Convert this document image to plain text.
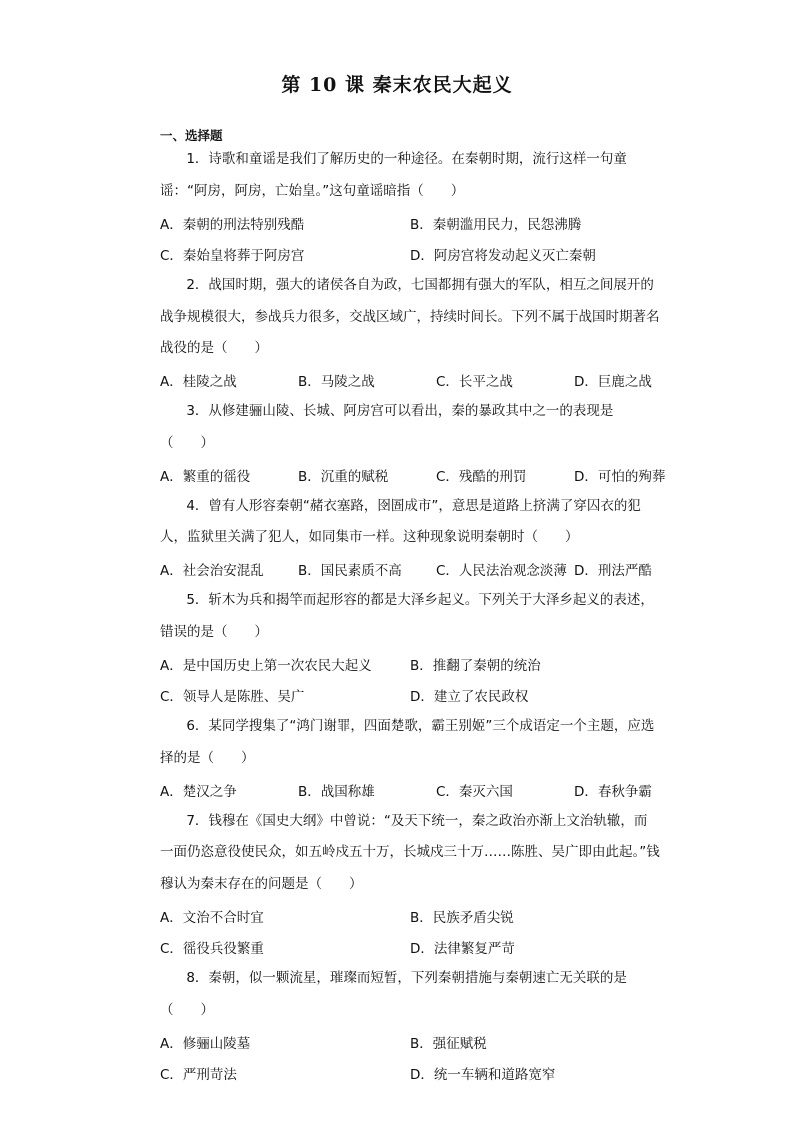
第 10 课 秦末农民大起义
一、选择题

1．诗歌和童谣是我们了解历史的一种途径。在秦朝时期，流行这样一句童谣：“阿房，阿房，亡始皇。”这句童谣暗指（　　）

A．秦朝的刑法特别残酷	B．秦朝滥用民力，民怨沸腾
C．秦始皇将葬于阿房宫	D．阿房宫将发动起义灭亡秦朝

2．战国时期，强大的诸侯各自为政，七国都拥有强大的军队，相互之间展开的战争规模很大，参战兵力很多，交战区域广，持续时间长。下列不属于战国时期著名战役的是（　　）

A．桂陵之战	B．马陵之战	C．长平之战	D．巨鹿之战

3．从修建骊山陵、长城、阿房宫可以看出，秦的暴政其中之一的表现是（　　）

A．繁重的徭役	B．沉重的赋税	C．残酷的刑罚	D．可怕的殉葬

4．曾有人形容秦朝“赭衣塞路，囹圄成市”，意思是道路上挤满了穿囚衣的犯人，监狱里关满了犯人，如同集市一样。这种现象说明秦朝时（　　）

A．社会治安混乱	B．国民素质不高	C．人民法治观念淡薄 D．刑法严酷

5．斩木为兵和揭竿而起形容的都是大泽乡起义。下列关于大泽乡起义的表述，错误的是（　　）

A．是中国历史上第一次农民大起义	B．推翻了秦朝的统治
C．领导人是陈胜、吴广	D．建立了农民政权

6．某同学搜集了“鸿门谢罪，四面楚歌，霸王别姬”三个成语定一个主题，应选择的是（　　）

A．楚汉之争	B．战国称雄	C．秦灭六国	D．春秋争霸

7．钱穆在《国史大纲》中曾说：“及天下统一，秦之政治亦渐上文治轨辙，而一面仍恣意役使民众，如五岭戍五十万，长城戍三十万……陈胜、吴广即由此起。”钱穆认为秦末存在的问题是（　　）

A．文治不合时宜	B．民族矛盾尖锐
C．徭役兵役繁重	D．法律繁复严苛

8．秦朝，似一颗流星，璀璨而短暂，下列秦朝措施与秦朝速亡无关联的是（　　）

A．修骊山陵墓	B．强征赋税
C．严刑苛法	D．统一车辆和道路宽窄
